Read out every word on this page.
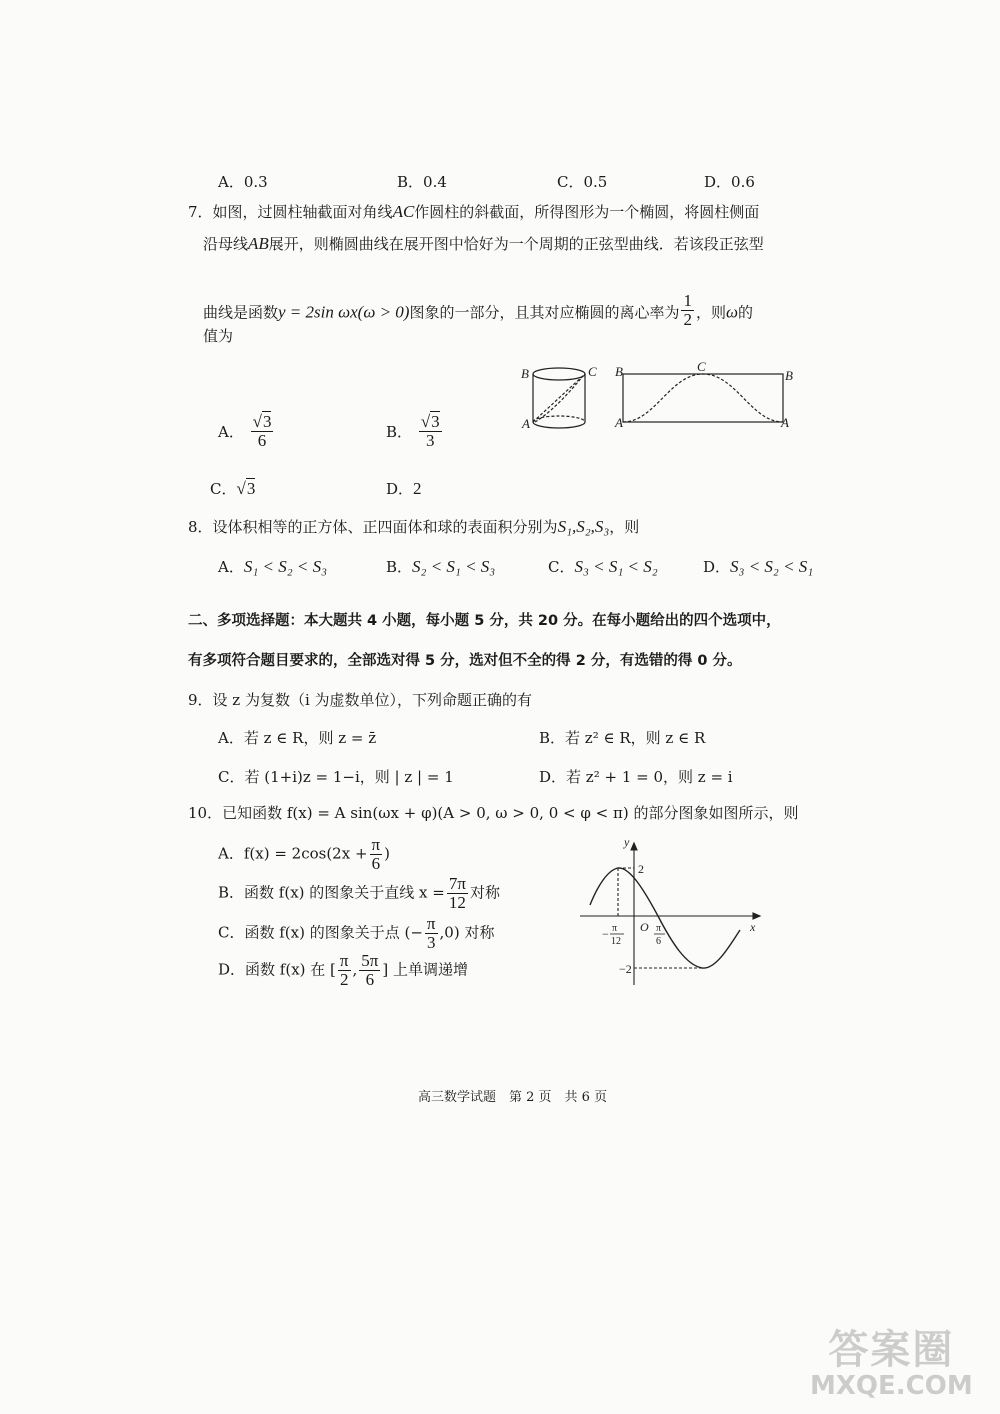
A．0.3	B．0.4	C．0.5	D．0.6
7．如图，过圆柱轴截面对角线AC作圆柱的斜截面，所得图形为一个椭圆，将圆柱侧面
沿母线AB展开，则椭圆曲线在展开图中恰好为一个周期的正弦型曲线．若该段正弦型
曲线是函数y = 2sin ωx(ω > 0)图象的一部分，且其对应椭圆的离心率为 $\frac{1}{2}$ ，则ω的
值为
B	C
A
B	C
B
A	A
A． $\frac{√3}{6}$	B． $\frac{√3}{3}$
C．√3	D．2
8．设体积相等的正方体、正四面体和球的表面积分别为S₁,S₂,S₃，则
A．S₁ < S₂ < S₃	B．S₂ < S₁ < S₃	C．S₃ < S₁ < S₂	D．S₃ < S₂ < S₁
二、多项选择题：本大题共 4 小题，每小题 5 分，共 20 分。在每小题给出的四个选项中，
有多项符合题目要求的，全部选对得 5 分，选对但不全的得 2 分，有选错的得 0 分。
9．设 z 为复数（i 为虚数单位），下列命题正确的有
A．若 z ∈ R，则 z = z̄	B．若 z² ∈ R，则 z ∈ R
C．若 (1+i)z = 1−i，则 | z | = 1	D．若 z² + 1 = 0，则 z = i
10．已知函数 f(x) = A sin(ωx + φ)(A > 0, ω > 0, 0 < φ < π) 的部分图象如图所示，则
A．$f(x) = 2\cos(2x + \frac{\pi}{6}$ )
B．函数 f(x) 的图象关于直线 $x = \frac{7\pi}{12}$ 对称
C．函数 f(x) 的图象关于点 (− $\frac{\pi}{3} ,0$) 对称
D．函数 f(x) 在 [ $\frac{\pi}{2}$ , $\frac{5\pi}{6}$ ] 上单调递增
y
x
O
2
−2
− π
12
π
6
高三数学试题　第 2 页　共 6 页
答案圈
MXQE.COM
